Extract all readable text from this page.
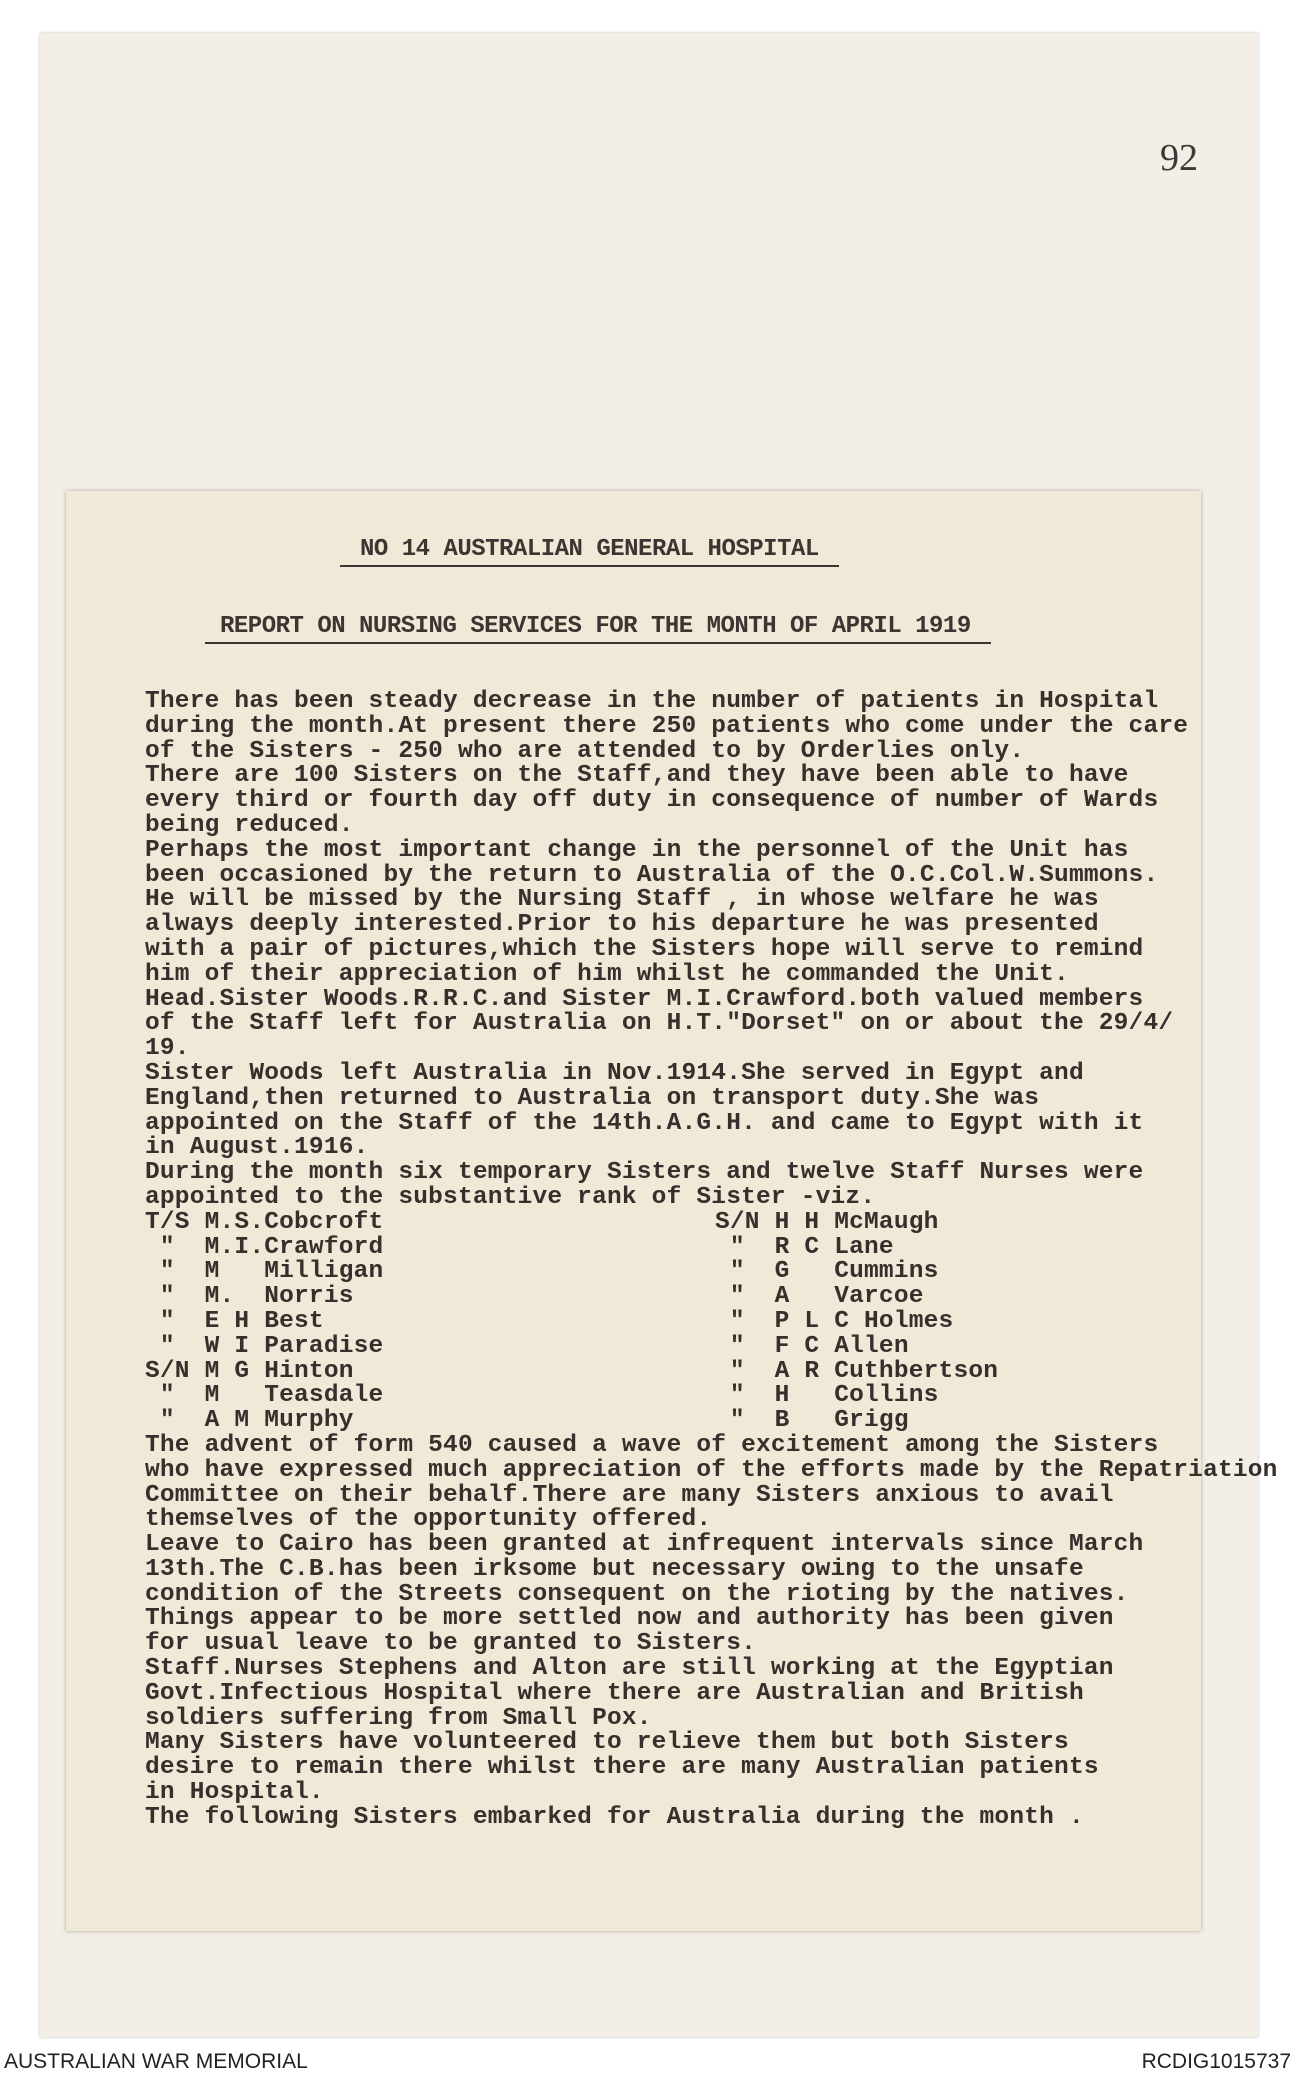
92
NO 14 AUSTRALIAN GENERAL HOSPITAL
REPORT ON NURSING SERVICES FOR THE MONTH OF APRIL 1919
There has been steady decrease in the number of patients in Hospital
during the month.At present there 250 patients who come under the care
of the Sisters - 250 who are attended to by Orderlies only.
There are 100 Sisters on the Staff,and they have been able to have
every third or fourth day off duty in consequence of number of Wards
being reduced.
Perhaps the most important change in the personnel of the Unit has
been occasioned by the return to Australia of the O.C.Col.W.Summons.
He will be missed by the Nursing Staff , in whose welfare he was
always deeply interested.Prior to his departure he was presented
with a pair of pictures,which the Sisters hope will serve to remind
him of their appreciation of him whilst he commanded the Unit.
Head.Sister Woods.R.R.C.and Sister M.I.Crawford.both valued members
of the Staff left for Australia on H.T."Dorset" on or about the 29/4/
19.
Sister Woods left Australia in Nov.1914.She served in Egypt and
England,then returned to Australia on transport duty.She was
appointed on the Staff of the 14th.A.G.H. and came to Egypt with it
in August.1916.
During the month six temporary Sisters and twelve Staff Nurses were
appointed to the substantive rank of Sister -viz.
T/S M.S.Cobcroft
"  M.I.Crawford
"  M   Milligan
"  M.  Norris
"  E H Best
"  W I Paradise
S/N M G Hinton
"  M   Teasdale
"  A M Murphy
S/N H H McMaugh
"  R C Lane
"  G   Cummins
"  A   Varcoe
"  P L C Holmes
"  F C Allen
"  A R Cuthbertson
"  H   Collins
"  B   Grigg
The advent of form 540 caused a wave of excitement among the Sisters
who have expressed much appreciation of the efforts made by the Repatriation
Committee on their behalf.There are many Sisters anxious to avail
themselves of the opportunity offered.
Leave to Cairo has been granted at infrequent intervals since March
13th.The C.B.has been irksome but necessary owing to the unsafe
condition of the Streets consequent on the rioting by the natives.
Things appear to be more settled now and authority has been given
for usual leave to be granted to Sisters.
Staff.Nurses Stephens and Alton are still working at the Egyptian
Govt.Infectious Hospital where there are Australian and British
soldiers suffering from Small Pox.
Many Sisters have volunteered to relieve them but both Sisters
desire to remain there whilst there are many Australian patients
in Hospital.
The following Sisters embarked for Australia during the month .
AUSTRALIAN WAR MEMORIAL	RCDIG1015737
